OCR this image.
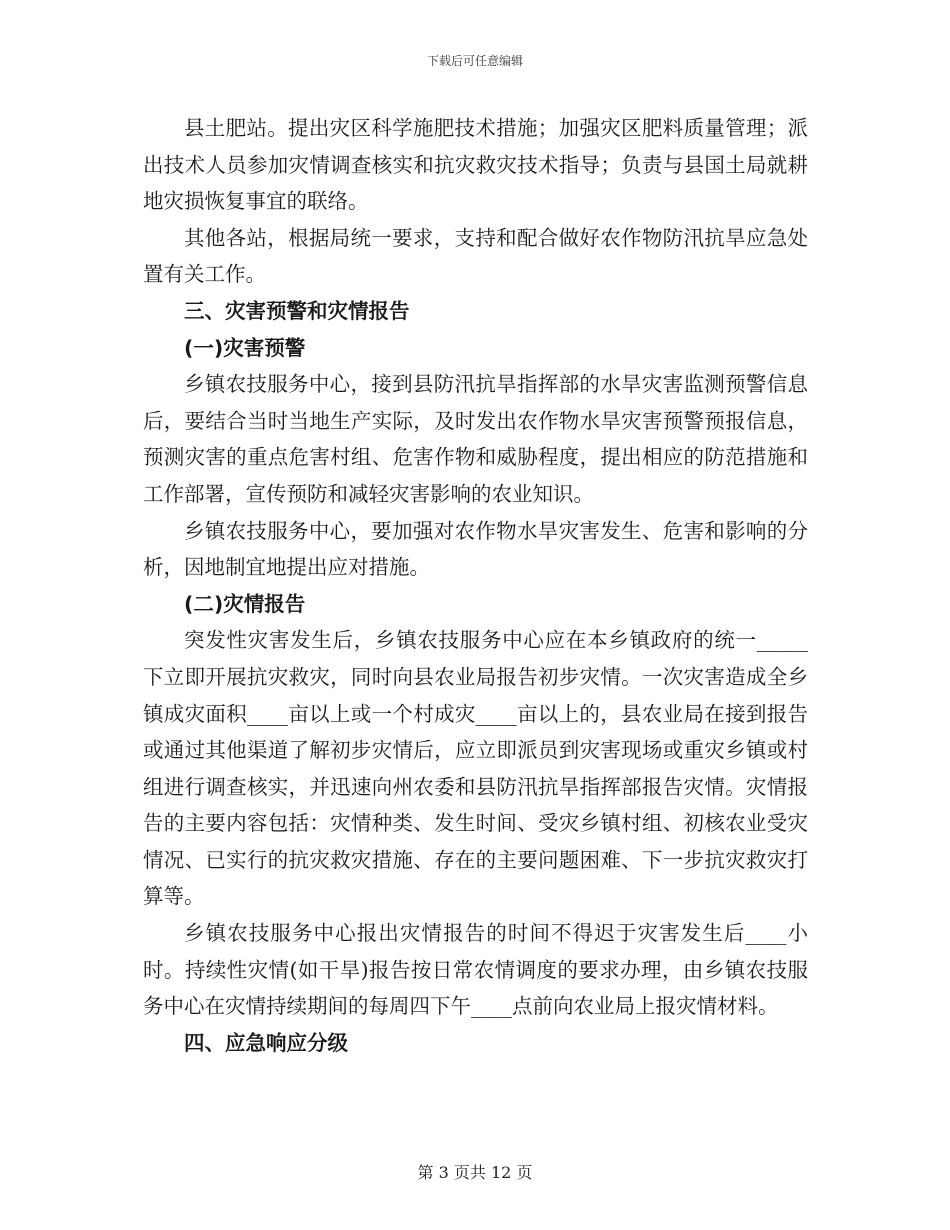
下载后可任意编辑

县土肥站。提出灾区科学施肥技术措施；加强灾区肥料质量管理；派出技术人员参加灾情调查核实和抗灾救灾技术指导；负责与县国土局就耕地灾损恢复事宜的联络。

其他各站，根据局统一要求，支持和配合做好农作物防汛抗旱应急处置有关工作。

三、灾害预警和灾情报告
(一)灾害预警

乡镇农技服务中心，接到县防汛抗旱指挥部的水旱灾害监测预警信息后，要结合当时当地生产实际，及时发出农作物水旱灾害预警预报信息，预测灾害的重点危害村组、危害作物和威胁程度，提出相应的防范措施和工作部署，宣传预防和减轻灾害影响的农业知识。

乡镇农技服务中心，要加强对农作物水旱灾害发生、危害和影响的分析，因地制宜地提出应对措施。

(二)灾情报告

突发性灾害发生后，乡镇农技服务中心应在本乡镇政府的统一_____下立即开展抗灾救灾，同时向县农业局报告初步灾情。一次灾害造成全乡镇成灾面积____亩以上或一个村成灾____亩以上的，县农业局在接到报告或通过其他渠道了解初步灾情后，应立即派员到灾害现场或重灾乡镇或村组进行调查核实，并迅速向州农委和县防汛抗旱指挥部报告灾情。灾情报告的主要内容包括：灾情种类、发生时间、受灾乡镇村组、初核农业受灾情况、已实行的抗灾救灾措施、存在的主要问题困难、下一步抗灾救灾打算等。

乡镇农技服务中心报出灾情报告的时间不得迟于灾害发生后____小时。持续性灾情(如干旱)报告按日常农情调度的要求办理，由乡镇农技服务中心在灾情持续期间的每周四下午____点前向农业局上报灾情材料。

四、应急响应分级
第 3 页共 12 页
